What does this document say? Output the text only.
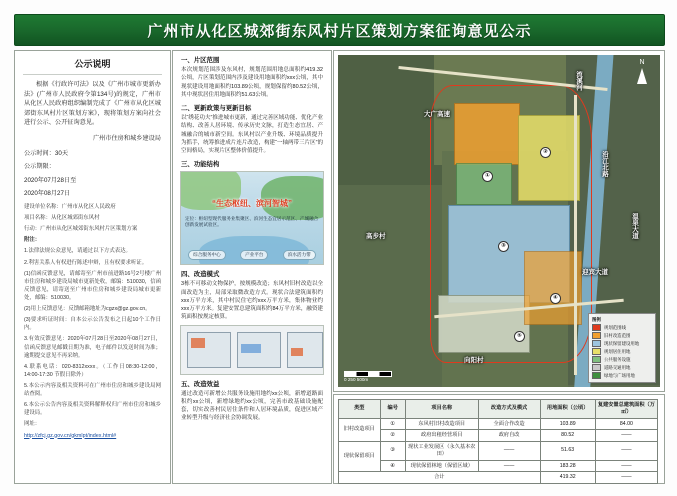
广州市从化区城郊街东风村片区策划方案征询意见公示
公示说明

根据《行政许可法》以及《广州市城市更新办法》(广州市人民政府令第134号)的规定，广州市从化区人民政府组织编制完成了《广州市从化区城郊街东风村片区策划方案》，现将策划方案向社会进行公示、公开征询意见。

广州市住房和城乡建设局

公示时间：30天

公示期限：

2020年07月28日至

2020年08月27日

建设单位名称：广州市从化区人民政府

项目名称：从化区城郊街东风村

行动：广州市从化区城郊街东风村片区策划方案

附注：

1.法律法规公众意见，请通过以下方式表达。

2.利害关系人有权进行陈述申辩，且有权要求听证。

(1)信函反馈意见，请邮寄至广州市前进路16号2号楼广州市住房和城乡建设局城市更新处收，邮编：510030，信函反馈意见，请寄送至广州市住房和城乡建设局城市更新处，邮编：510030。

(2)用上反馈意见：反馈邮箱地址为cgzx@gz.gov.cn。

(3)要求听证时间：自本公示公告发布之日起10个工作日内。

3.有效反馈意见：2020年07月28日至2020年08月27日，信函反馈意见邮戳日期为准，电子邮件以发送时间为准；逾期提交意见不再采纳。

4.联系电话：020-8312xxxx。（工作日08:30-12:00，14:00-17:30 节假日除外）

5.本公示内容及相关资料可在广州市住房和城乡建设局网站查阅。

6.本公示公告内容及相关资料解释权归广州市住房和城乡建设局。

网址：

http://zfcj.gz.gov.cn/gkmlpt/index.html#

一、片区范围

本次规划范围涉及东风村，规划范围用地总面积约419.32公顷，片区策划范围内涉及建设用地面积约xxx公顷，其中现状建设用地面积约103.89公顷，规划保留约80.52公顷，其中现状居住用地面积约51.63公顷。

二、更新政策与更新目标

以“绣花功夫”推进城市更新，通过完善区域功能、优化产业结构、改善人居环境、传承历史文脉，打造生态宜居、产城融合的城市新空间。东风村以产业升级、环境品质提升为抓手，统筹推进成片连片改造，构建“一轴两带三片区”的空间格局，实现片区整体价值提升。

三、功能结构
“生态枢纽、滨河智城”
定位：枢纽型现代服务业集聚区、滨河生态宜居示范区、产城融合创新发展试验区。
综合服务中心	产业平台	滨水活力带
四、改造模式

3栋不可移动文物保护，按规模改造；东风村旧村改造以全面改造为主，局部采取微改造方式。现状合法建筑面积约xxx万平方米，其中村民住宅约xxx万平方米，集体物业约xxx万平方米。复建安置总建筑面积约84万平方米，融资建筑面积按规定核算。

五、改造效益

通过改造可新增公共服务设施用地约xx公顷，新增道路面积约xx公顷，新增绿地约xx公顷，完善市政基础设施配套，切实改善村民居住条件和人居环境品质，促进区域产业转型升级与经济社会协调发展。

大广高速
流溪河
沿江北路
温泉大道
迎宾大道
高步村
向阳村
①
②
③
④
⑤
N
0 250 500m
图例
规划范围线
旧村改造范围
现状保留建设用地
规划居住用地
公共服务设施
道路交通用地
绿地与广场用地
类型	编号	项目名称	改造方式及模式	用地面积（公顷）	复建安置总建筑面积（万㎡）
旧村改造项目	①	东风村旧村改造项目	全面合作改造	103.89	84.00
	②	政府出租经营项目	政府自改	80.52	——
现状保留项目	③	现状工业发展区（永久基本农田）	——	51.63	——
	④	现状保留林地（保留区域）	——	183.28	——
合计				419.32	——
